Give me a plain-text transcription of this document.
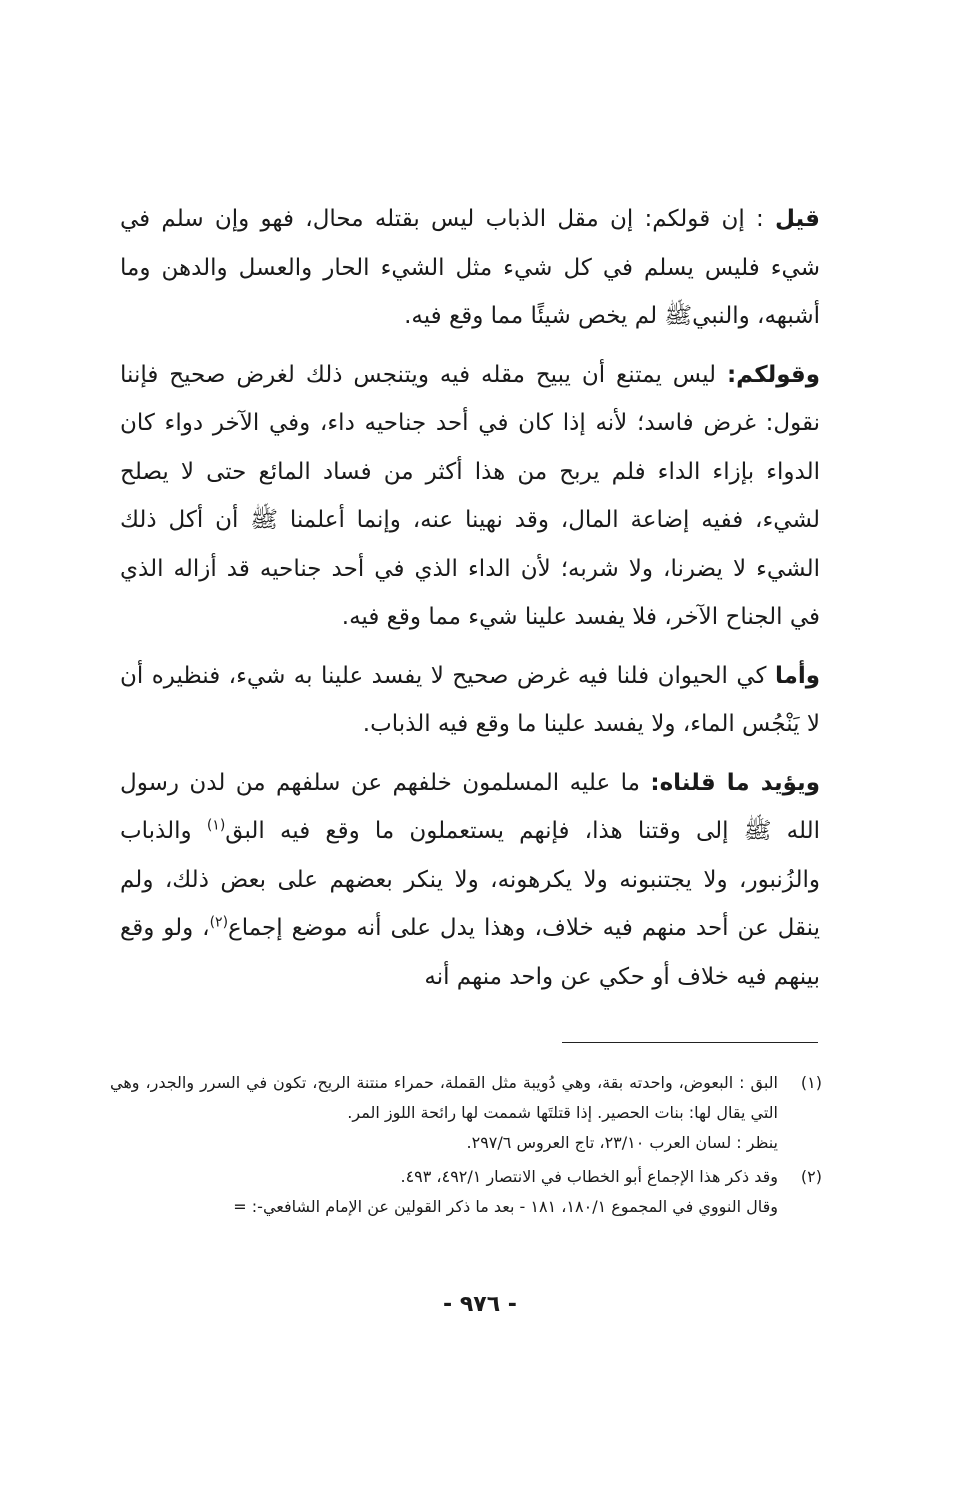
قيل : إن قولكم: إن مقل الذباب ليس بقتله محال، فهو وإن سلم في شيء فليس يسلم في كل شيء مثل الشيء الحار والعسل والدهن وما أشبهه، والنبيﷺ لم يخص شيئًا مما وقع فيه.

وقولكم: ليس يمتنع أن يبيح مقله فيه ويتنجس ذلك لغرض صحيح فإننا نقول: غرض فاسد؛ لأنه إذا كان في أحد جناحيه داء، وفي الآخر دواء كان الدواء بإزاء الداء فلم يربح من هذا أكثر من فساد المائع حتى لا يصلح لشيء، ففيه إضاعة المال، وقد نهينا عنه، وإنما أعلمنا ﷺ أن أكل ذلك الشيء لا يضرنا، ولا شربه؛ لأن الداء الذي في أحد جناحيه قد أزاله الذي في الجناح الآخر، فلا يفسد علينا شيء مما وقع فيه.

وأما كي الحيوان فلنا فيه غرض صحيح لا يفسد علينا به شيء، فنظيره أن لا يَنْجُس الماء، ولا يفسد علينا ما وقع فيه الذباب.

ويؤيد ما قلناه: ما عليه المسلمون خلفهم عن سلفهم من لدن رسول الله ﷺ إلى وقتنا هذا، فإنهم يستعملون ما وقع فيه البق$^{(١)}$ والذباب والزُنبور، ولا يجتنبونه ولا يكرهونه، ولا ينكر بعضهم على بعض ذلك، ولم ينقل عن أحد منهم فيه خلاف، وهذا يدل على أنه موضع إجماع$^{(٢)}$، ولو وقع بينهم فيه خلاف أو حكي عن واحد منهم أنه

(١)
البق : البعوض، واحدته بقة، وهي دُويبة مثل القملة، حمراء منتنة الريح، تكون في السرر والجدر، وهي التي يقال لها: بنات الحصير. إذا قتلتَها شممت لها رائحة اللوز المر.
ينظر : لسان العرب ٢٣/١٠، تاج العروس ٢٩٧/٦.
(٢)
وقد ذكر هذا الإجماع أبو الخطاب في الانتصار ٤٩٢/١، ٤٩٣.
وقال النووي في المجموع ١٨٠/١، ١٨١ - بعد ما ذكر القولين عن الإمام الشافعي-: =
- ٩٧٦ -
